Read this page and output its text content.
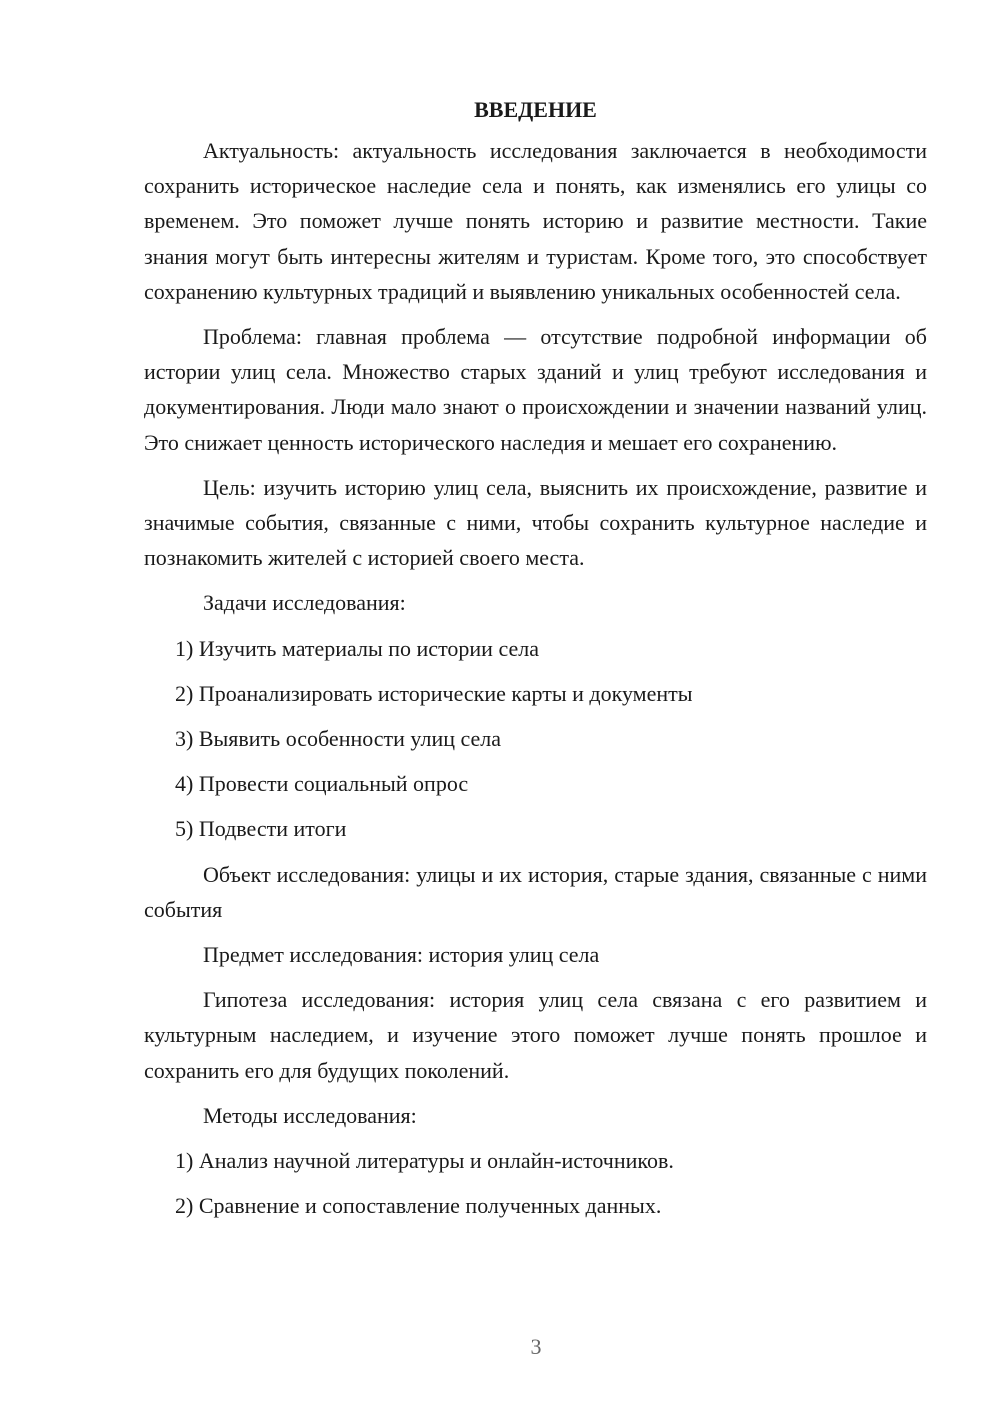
ВВЕДЕНИЕ

Актуальность: актуальность исследования заключается в необходимости сохранить историческое наследие села и понять, как изменялись его улицы со временем. Это поможет лучше понять историю и развитие местности. Такие знания могут быть интересны жителям и туристам. Кроме того, это способствует сохранению культурных традиций и выявлению уникальных особенностей села.

Проблема: главная проблема — отсутствие подробной информации об истории улиц села. Множество старых зданий и улиц требуют исследования и документирования. Люди мало знают о происхождении и значении названий улиц. Это снижает ценность исторического наследия и мешает его сохранению.

Цель: изучить историю улиц села, выяснить их происхождение, развитие и значимые события, связанные с ними, чтобы сохранить культурное наследие и познакомить жителей с историей своего места.

Задачи исследования:

1) Изучить материалы по истории села

2) Проанализировать исторические карты и документы

3) Выявить особенности улиц села

4) Провести социальный опрос

5) Подвести итоги

Объект исследования: улицы и их история, старые здания, связанные с ними события

Предмет исследования: история улиц села

Гипотеза исследования: история улиц села связана с его развитием и культурным наследием, и изучение этого поможет лучше понять прошлое и сохранить его для будущих поколений.

Методы исследования:

1) Анализ научной литературы и онлайн-источников.

2) Сравнение и сопоставление полученных данных.

3
